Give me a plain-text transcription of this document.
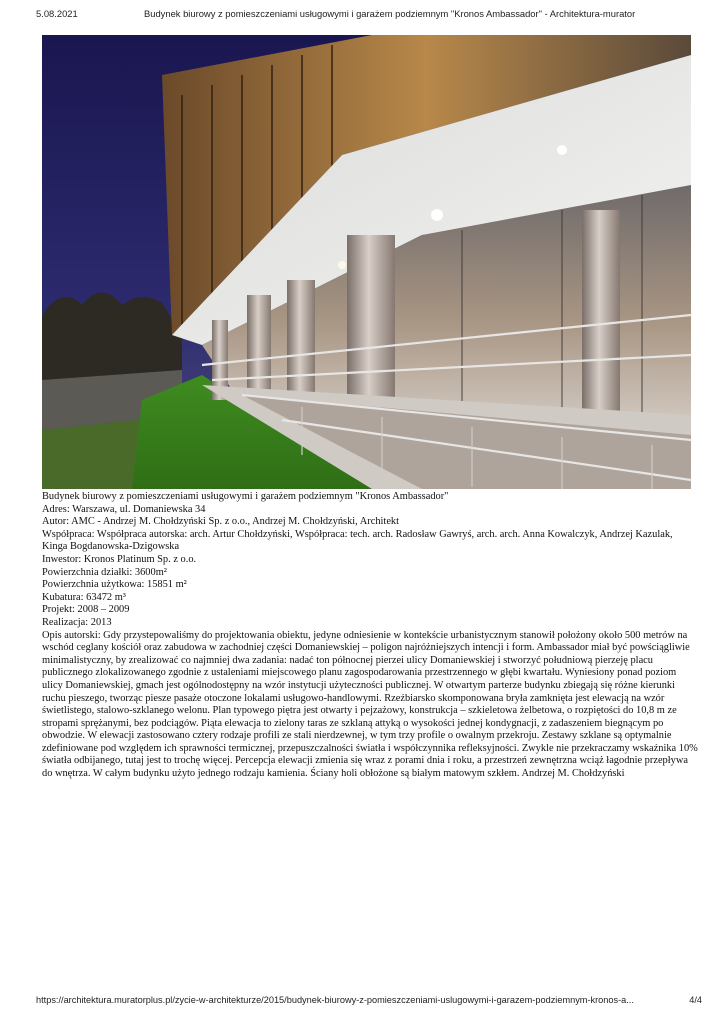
5.08.2021	Budynek biurowy z pomieszczeniami usługowymi i garażem podziemnym "Kronos Ambassador" - Architektura-murator

Budynek biurowy z pomieszczeniami usługowymi i garażem podziemnym "Kronos Ambassador"

Adres: Warszawa, ul. Domaniewska 34

Autor: AMC - Andrzej M. Chołdzyński Sp. z o.o., Andrzej M. Chołdzyński, Architekt

Współpraca: Współpraca autorska: arch. Artur Chołdzyński, Współpraca: tech. arch. Radosław Gawryś, arch. arch. Anna Kowalczyk, Andrzej Kazulak, Kinga Bogdanowska-Dzigowska

Inwestor: Kronos Platinum Sp. z o.o.

Powierzchnia działki: 3600m²

Powierzchnia użytkowa: 15851 m²

Kubatura: 63472 m³

Projekt: 2008 – 2009

Realizacja: 2013

Opis autorski: Gdy przystepowaliśmy do projektowania obiektu, jedyne odniesienie w kontekście urbanistycznym stanowił położony około 500 metrów na wschód ceglany kościół oraz zabudowa w zachodniej części Domaniewskiej – poligon najróżniejszych intencji i form. Ambassador miał być powściągliwie minimalistyczny, by zrealizować co najmniej dwa zadania: nadać ton północnej pierzei ulicy Domaniewskiej i stworzyć południową pierzeję placu publicznego zlokalizowanego zgodnie z ustaleniami miejscowego planu zagospodarowania przestrzennego w głębi kwartału. Wyniesiony ponad poziom ulicy Domaniewskiej, gmach jest ogólnodostępny na wzór instytucji użyteczności publicznej. W otwartym parterze budynku zbiegają się różne kierunki ruchu pieszego, tworząc piesze pasaże otoczone lokalami usługowo-handlowymi. Rzeźbiarsko skomponowana bryła zamknięta jest elewacją na wzór świetlistego, stalowo-szklanego welonu. Plan typowego piętra jest otwarty i pejzażowy, konstrukcja – szkieletowa żelbetowa, o rozpiętości do 10,8 m ze stropami sprężanymi, bez podciągów. Piąta elewacja to zielony taras ze szklaną attyką o wysokości jednej kondygnacji, z zadaszeniem biegnącym po obwodzie. W elewacji zastosowano cztery rodzaje profili ze stali nierdzewnej, w tym trzy profile o owalnym przekroju. Zestawy szklane są optymalnie zdefiniowane pod względem ich sprawności termicznej, przepuszczalności światła i współczynnika refleksyjności. Zwykle nie przekraczamy wskaźnika 10% światła odbijanego, tutaj jest to trochę więcej. Percepcja elewacji zmienia się wraz z porami dnia i roku, a przestrzeń zewnętrzna wciąż łagodnie przepływa do wnętrza. W całym budynku użyto jednego rodzaju kamienia. Ściany holi obłożone są białym matowym szkłem. Andrzej M. Chołdzyński

https://architektura.muratorplus.pl/zycie-w-architekturze/2015/budynek-biurowy-z-pomieszczeniami-uslugowymi-i-garazem-podziemnym-kronos-a...	4/4
